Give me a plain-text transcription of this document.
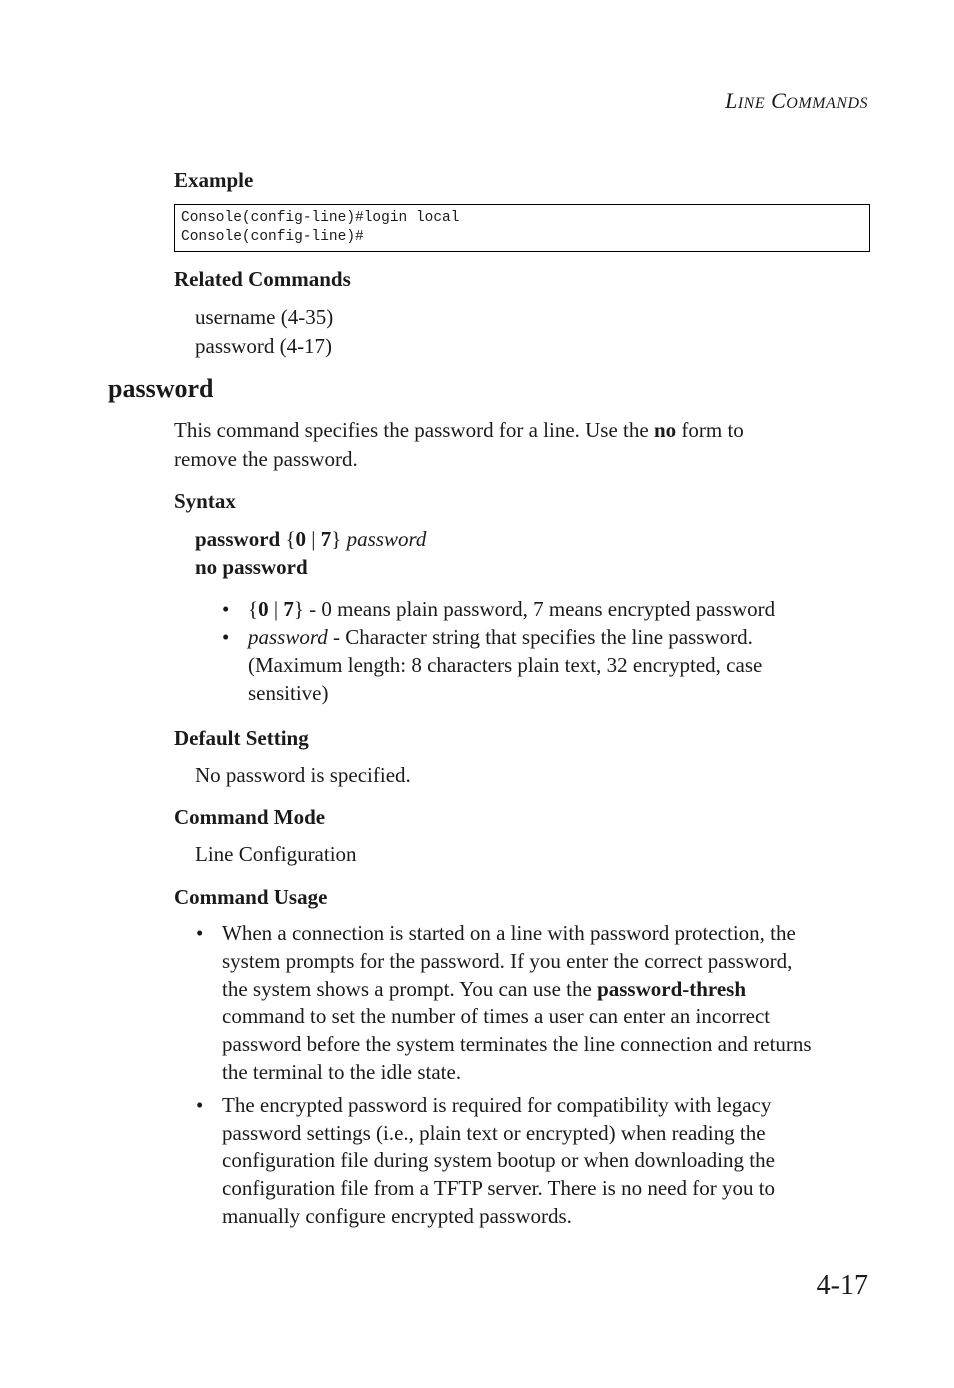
LINE COMMANDS
Example
Console(config-line)#login local
Console(config-line)#
Related Commands
username (4-35)
password (4-17)
password
This command specifies the password for a line. Use the no form to
remove the password.
Syntax
password {0 | 7} password
no password
• {0 | 7} - 0 means plain password, 7 means encrypted password
• password - Character string that specifies the line password.
(Maximum length: 8 characters plain text, 32 encrypted, case
sensitive)
Default Setting
No password is specified.
Command Mode
Line Configuration
Command Usage
• When a connection is started on a line with password protection, the
system prompts for the password. If you enter the correct password,
the system shows a prompt. You can use the password-thresh
command to set the number of times a user can enter an incorrect
password before the system terminates the line connection and returns
the terminal to the idle state.
• The encrypted password is required for compatibility with legacy
password settings (i.e., plain text or encrypted) when reading the
configuration file during system bootup or when downloading the
configuration file from a TFTP server. There is no need for you to
manually configure encrypted passwords.
4-17
